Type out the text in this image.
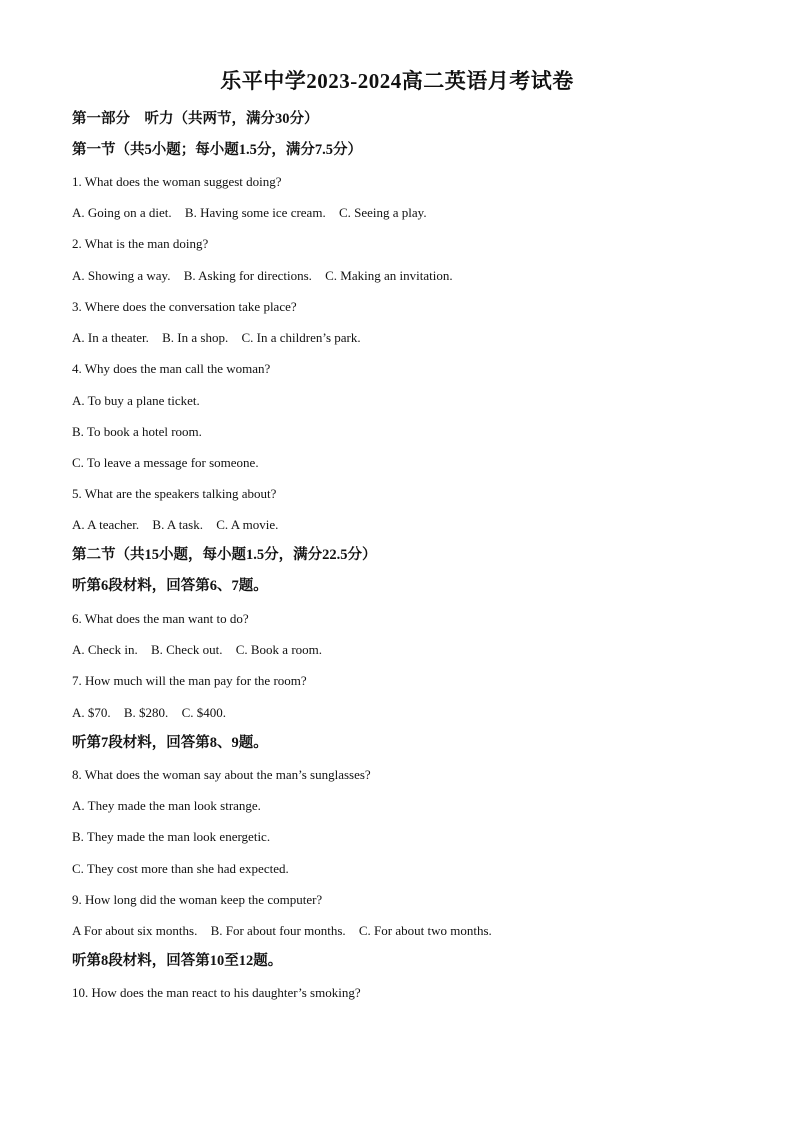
乐平中学2023-2024高二英语月考试卷
第一部分　听力（共两节，满分30分）
第一节（共5小题；每小题1.5分，满分7.5分）
1. What does the woman suggest doing?
A. Going on a diet. B. Having some ice cream. C. Seeing a play.
2. What is the man doing?
A. Showing a way. B. Asking for directions. C. Making an invitation.
3. Where does the conversation take place?
A. In a theater. B. In a shop. C. In a children’s park.
4. Why does the man call the woman?
A. To buy a plane ticket.
B. To book a hotel room.
C. To leave a message for someone.
5. What are the speakers talking about?
A. A teacher. B. A task. C. A movie.
第二节（共15小题，每小题1.5分，满分22.5分）
听第6段材料，回答第6、7题。
6. What does the man want to do?
A. Check in. B. Check out. C. Book a room.
7. How much will the man pay for the room?
A. $70. B. $280. C. $400.
听第7段材料，回答第8、9题。
8. What does the woman say about the man’s sunglasses?
A. They made the man look strange.
B. They made the man look energetic.
C. They cost more than she had expected.
9. How long did the woman keep the computer?
A For about six months. B. For about four months. C. For about two months.
听第8段材料，回答第10至12题。
10. How does the man react to his daughter’s smoking?
